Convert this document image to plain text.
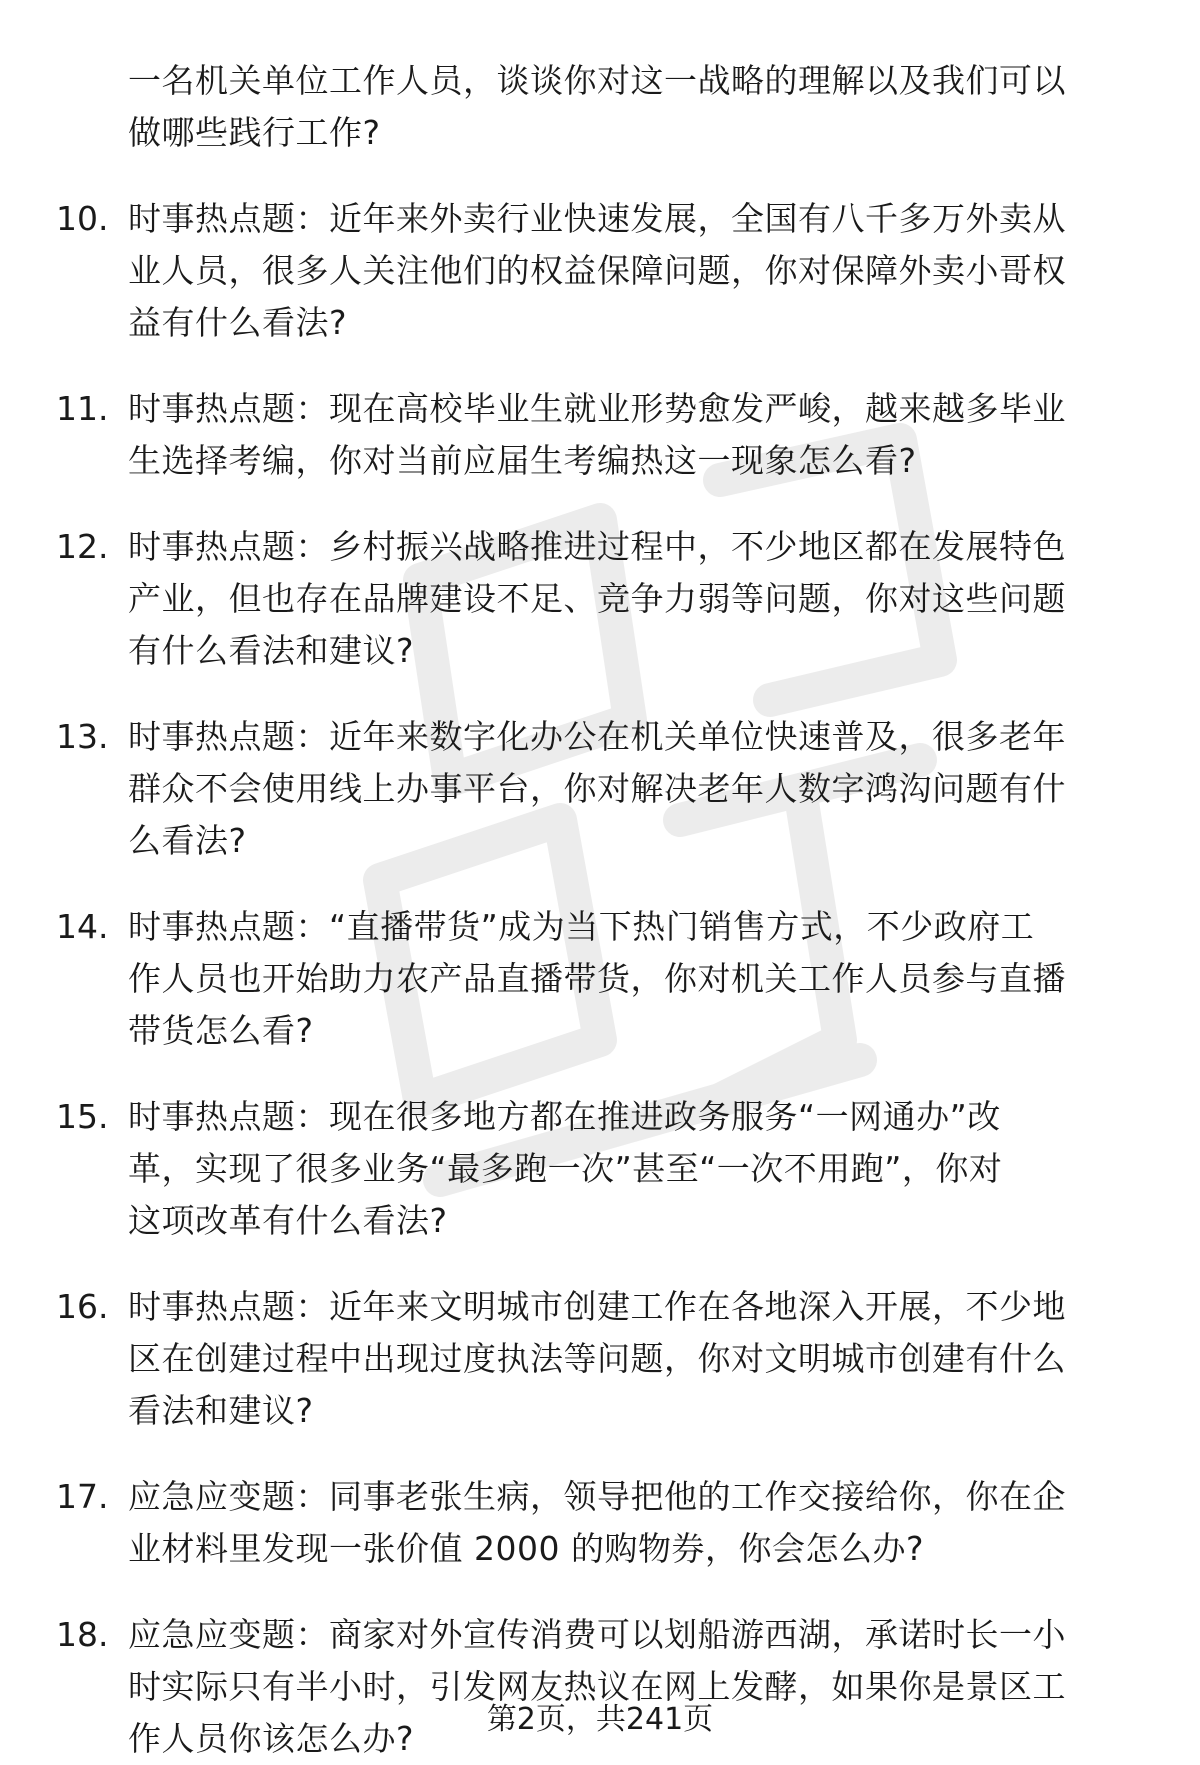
一名机关单位工作人员，谈谈你对这一战略的理解以及我们可以
做哪些践行工作?
10. 时事热点题：近年来外卖行业快速发展，全国有八千多万外卖从
业人员，很多人关注他们的权益保障问题，你对保障外卖小哥权
益有什么看法?
11. 时事热点题：现在高校毕业生就业形势愈发严峻，越来越多毕业
生选择考编，你对当前应届生考编热这一现象怎么看?
12. 时事热点题：乡村振兴战略推进过程中，不少地区都在发展特色
产业，但也存在品牌建设不足、竞争力弱等问题，你对这些问题
有什么看法和建议?
13. 时事热点题：近年来数字化办公在机关单位快速普及，很多老年
群众不会使用线上办事平台，你对解决老年人数字鸿沟问题有什
么看法?
14. 时事热点题：“直播带货”成为当下热门销售方式，不少政府工
作人员也开始助力农产品直播带货，你对机关工作人员参与直播
带货怎么看?
15. 时事热点题：现在很多地方都在推进政务服务“一网通办”改
革，实现了很多业务“最多跑一次”甚至“一次不用跑”，你对
这项改革有什么看法?
16. 时事热点题：近年来文明城市创建工作在各地深入开展，不少地
区在创建过程中出现过度执法等问题，你对文明城市创建有什么
看法和建议?
17. 应急应变题：同事老张生病，领导把他的工作交接给你，你在企
业材料里发现一张价值 2000 的购物券，你会怎么办?
18. 应急应变题：商家对外宣传消费可以划船游西湖，承诺时长一小
时实际只有半小时，引发网友热议在网上发酵，如果你是景区工
作人员你该怎么办?	第2页，共241页
